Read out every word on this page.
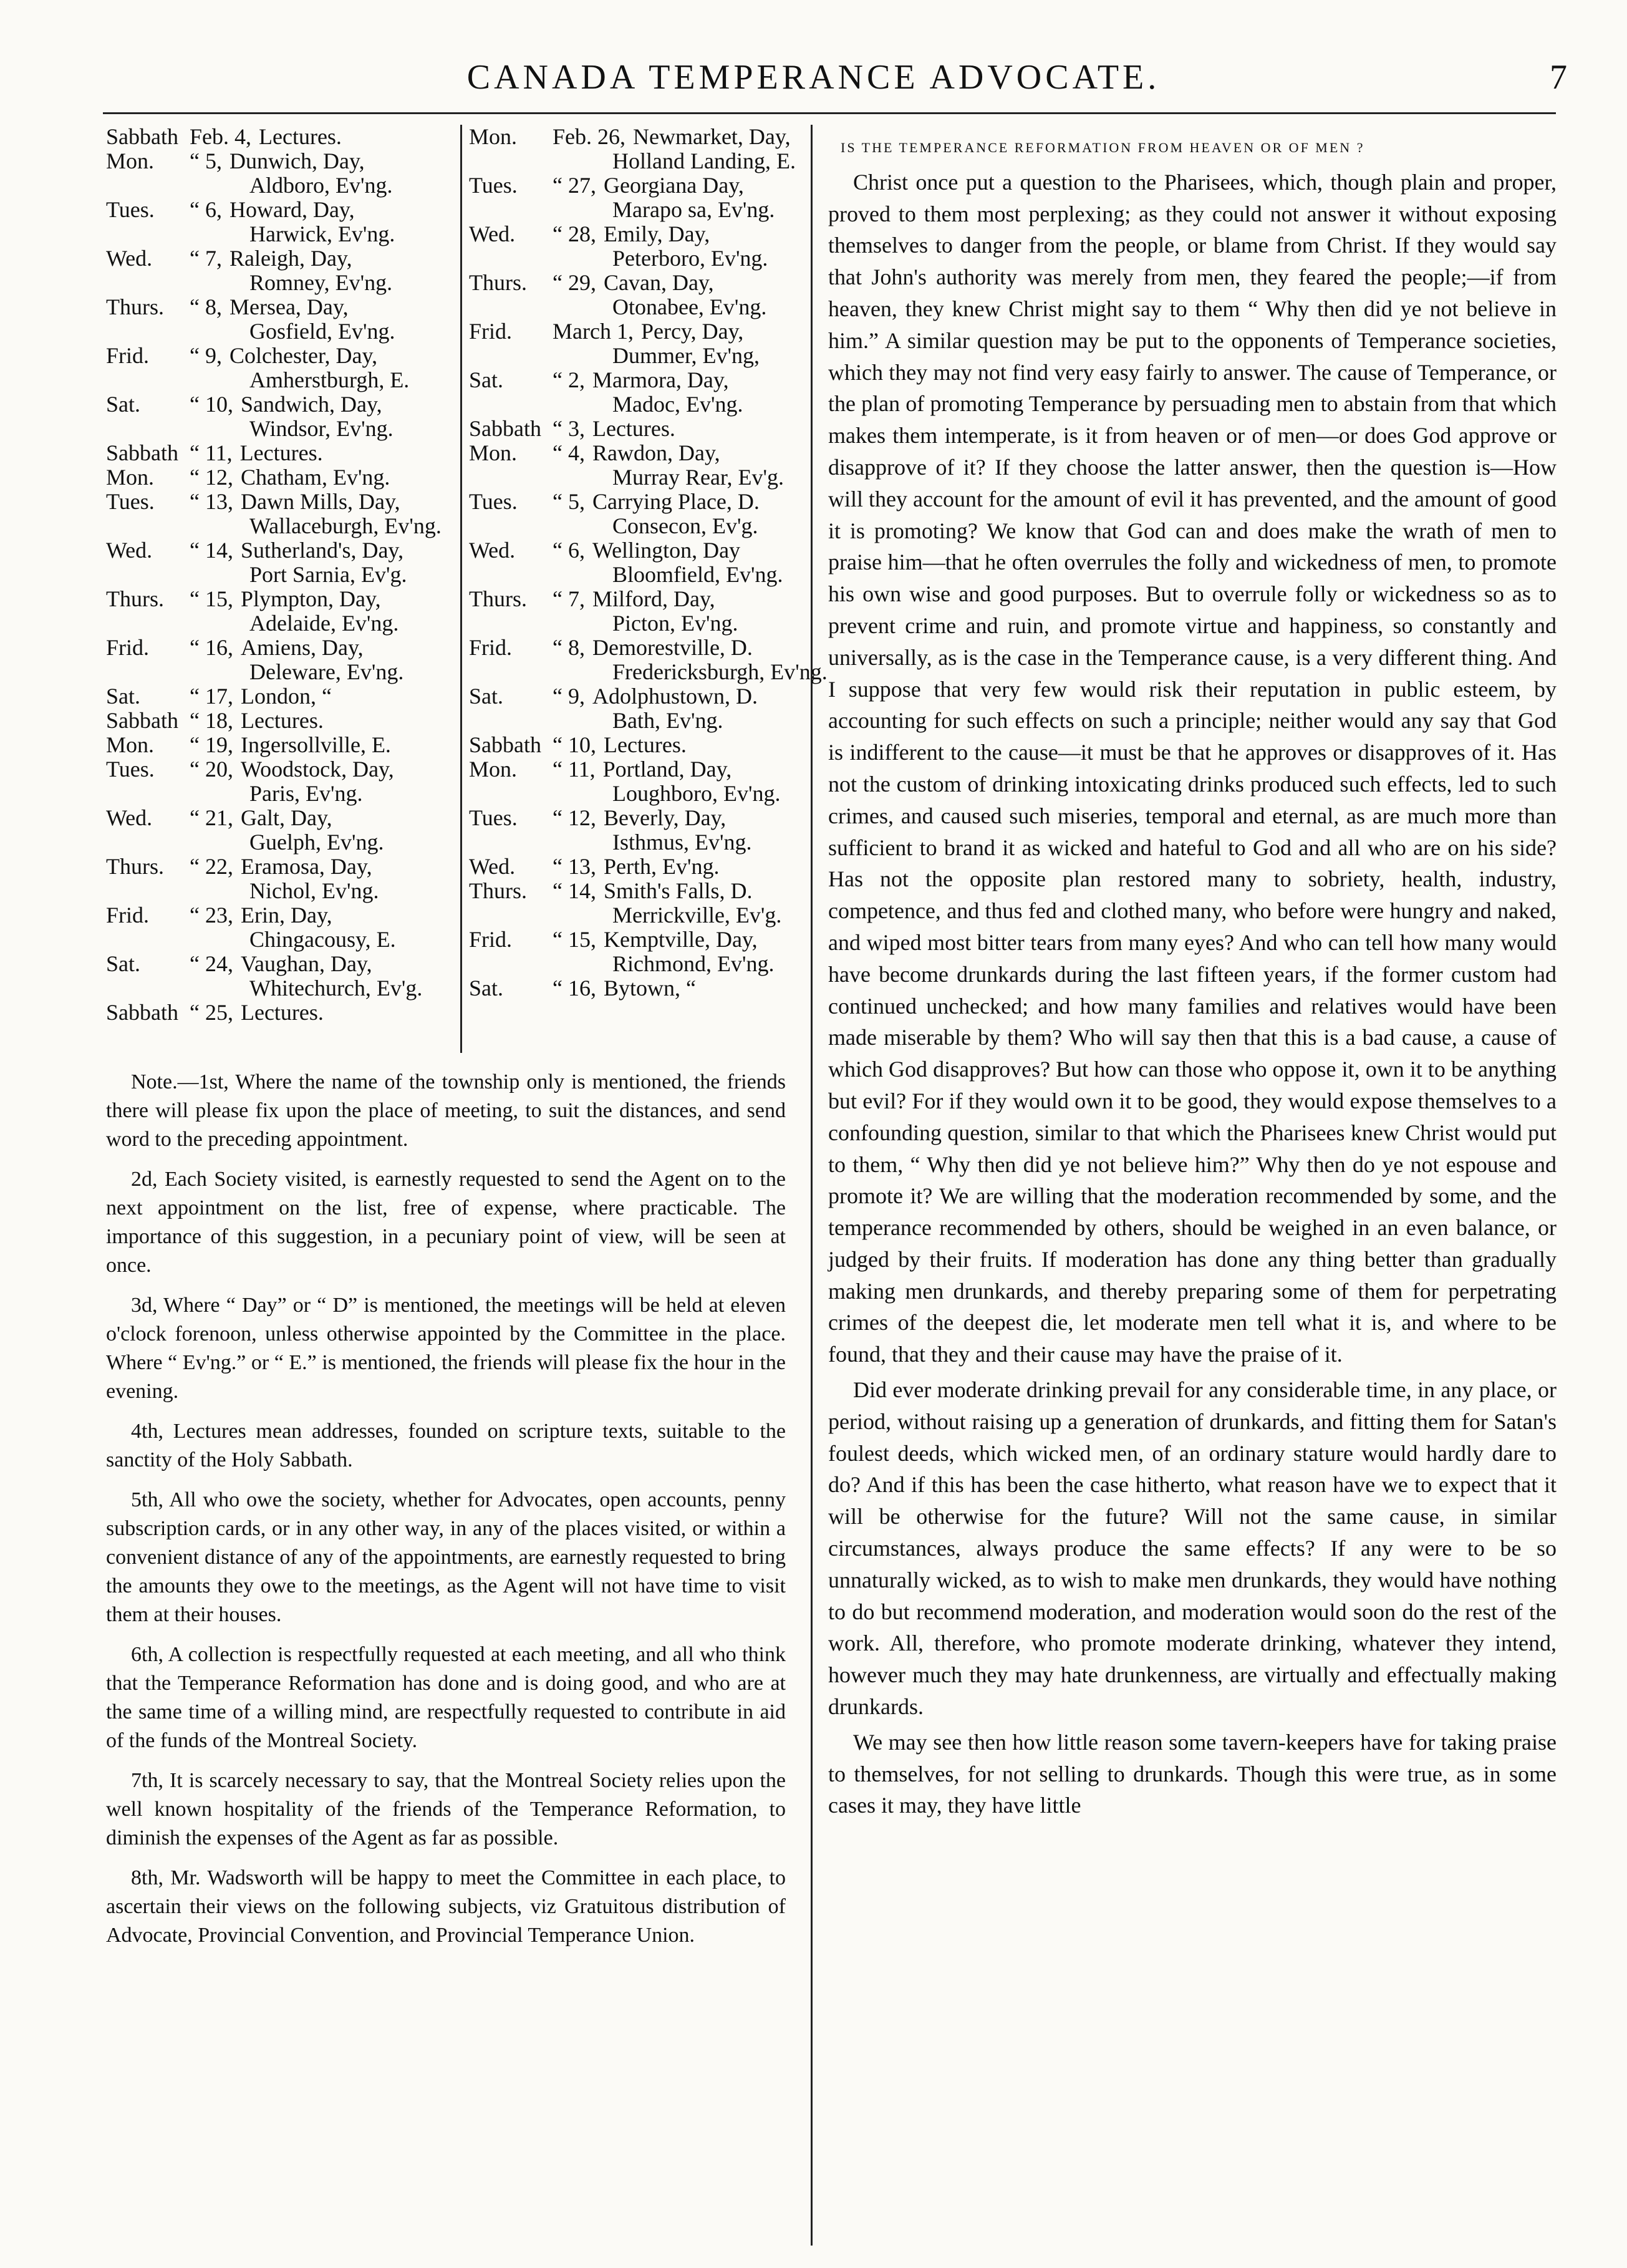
CANADA TEMPERANCE ADVOCATE.	7
Sabbath Feb. 4, Lectures.
Mon.	“ 5, Dunwich, Day,
Aldboro, Ev'ng.
Tues.	“ 6, Howard, Day,
Harwick, Ev'ng.
Wed.	“ 7, Raleigh, Day,
Romney, Ev'ng.
Thurs.	“ 8, Mersea, Day,
Gosfield, Ev'ng.
Frid.	“ 9, Colchester, Day,
Amherstburgh, E.
Sat.	“ 10, Sandwich, Day,
Windsor, Ev'ng.
Sabbath “ 11, Lectures.
Mon.	“ 12, Chatham, Ev'ng.
Tues.	“ 13, Dawn Mills, Day,
Wallaceburgh, Ev'ng.
Wed.	“ 14, Sutherland's, Day,
Port Sarnia, Ev'g.
Thurs.	“ 15, Plympton, Day,
Adelaide, Ev'ng.
Frid.	“ 16, Amiens, Day,
Deleware, Ev'ng.
Sat.	“ 17, London, “
Sabbath “ 18, Lectures.
Mon.	“ 19, Ingersollville, E.
Tues.	“ 20, Woodstock, Day,
Paris, Ev'ng.
Wed.	“ 21, Galt, Day,
Guelph, Ev'ng.
Thurs.	“ 22, Eramosa, Day,
Nichol, Ev'ng.
Frid.	“ 23, Erin, Day,
Chingacousy, E.
Sat.	“ 24, Vaughan, Day,
Whitechurch, Ev'g.
Sabbath “ 25, Lectures.
Mon.	Feb. 26, Newmarket, Day,
Holland Landing, E.
Tues.	“ 27, Georgiana Day,
Marapo sa, Ev'ng.
Wed.	“ 28, Emily, Day,
Peterboro, Ev'ng.
Thurs.	“ 29, Cavan, Day,
Otonabee, Ev'ng.
Frid.	March 1, Percy, Day,
Dummer, Ev'ng,
Sat.	“ 2, Marmora, Day,
Madoc, Ev'ng.
Sabbath “ 3, Lectures.
Mon.	“ 4, Rawdon, Day,
Murray Rear, Ev'g.
Tues.	“ 5, Carrying Place, D.
Consecon, Ev'g.
Wed.	“ 6, Wellington, Day
Bloomfield, Ev'ng.
Thurs.	“ 7, Milford, Day,
Picton, Ev'ng.
Frid.	“ 8, Demorestville, D.
Fredericksburgh, Ev'ng.
Sat.	“ 9, Adolphustown, D.
Bath, Ev'ng.
Sabbath “ 10, Lectures.
Mon.	“ 11, Portland, Day,
Loughboro, Ev'ng.
Tues.	“ 12, Beverly, Day,
Isthmus, Ev'ng.
Wed.	“ 13, Perth, Ev'ng.
Thurs.	“ 14, Smith's Falls, D.
Merrickville, Ev'g.
Frid.	“ 15, Kemptville, Day,
Richmond, Ev'ng.
Sat.	“ 16, Bytown, “

Note.—1st, Where the name of the township only is mentioned, the friends there will please fix upon the place of meeting, to suit the distances, and send word to the preceding appointment.

2d, Each Society visited, is earnestly requested to send the Agent on to the next appointment on the list, free of expense, where practicable. The importance of this suggestion, in a pecuniary point of view, will be seen at once.

3d, Where “ Day” or “ D” is mentioned, the meetings will be held at eleven o'clock forenoon, unless otherwise appointed by the Committee in the place. Where “ Ev'ng.” or “ E.” is mentioned, the friends will please fix the hour in the evening.

4th, Lectures mean addresses, founded on scripture texts, suitable to the sanctity of the Holy Sabbath.

5th, All who owe the society, whether for Advocates, open accounts, penny subscription cards, or in any other way, in any of the places visited, or within a convenient distance of any of the appointments, are earnestly requested to bring the amounts they owe to the meetings, as the Agent will not have time to visit them at their houses.

6th, A collection is respectfully requested at each meeting, and all who think that the Temperance Reformation has done and is doing good, and who are at the same time of a willing mind, are respectfully requested to contribute in aid of the funds of the Montreal Society.

7th, It is scarcely necessary to say, that the Montreal Society relies upon the well known hospitality of the friends of the Temperance Reformation, to diminish the expenses of the Agent as far as possible.

8th, Mr. Wadsworth will be happy to meet the Committee in each place, to ascertain their views on the following subjects, viz Gratuitous distribution of Advocate, Provincial Convention, and Provincial Temperance Union.

IS THE TEMPERANCE REFORMATION FROM HEAVEN OR OF MEN ?

Christ once put a question to the Pharisees, which, though plain and proper, proved to them most perplexing; as they could not answer it without exposing themselves to danger from the people, or blame from Christ. If they would say that John's authority was merely from men, they feared the people;—if from heaven, they knew Christ might say to them “ Why then did ye not believe in him.” A similar question may be put to the opponents of Temperance societies, which they may not find very easy fairly to answer. The cause of Temperance, or the plan of promoting Temperance by persuading men to abstain from that which makes them intemperate, is it from heaven or of men—or does God approve or disapprove of it? If they choose the latter answer, then the question is—How will they account for the amount of evil it has prevented, and the amount of good it is promoting? We know that God can and does make the wrath of men to praise him—that he often overrules the folly and wickedness of men, to promote his own wise and good purposes. But to overrule folly or wickedness so as to prevent crime and ruin, and promote virtue and happiness, so constantly and universally, as is the case in the Temperance cause, is a very different thing. And I suppose that very few would risk their reputation in public esteem, by accounting for such effects on such a principle; neither would any say that God is indifferent to the cause—it must be that he approves or disapproves of it. Has not the custom of drinking intoxicating drinks produced such effects, led to such crimes, and caused such miseries, temporal and eternal, as are much more than sufficient to brand it as wicked and hateful to God and all who are on his side? Has not the opposite plan restored many to sobriety, health, industry, competence, and thus fed and clothed many, who before were hungry and naked, and wiped most bitter tears from many eyes? And who can tell how many would have become drunkards during the last fifteen years, if the former custom had continued unchecked; and how many families and relatives would have been made miserable by them? Who will say then that this is a bad cause, a cause of which God disapproves? But how can those who oppose it, own it to be anything but evil? For if they would own it to be good, they would expose themselves to a confounding question, similar to that which the Pharisees knew Christ would put to them, “ Why then did ye not believe him?” Why then do ye not espouse and promote it? We are willing that the moderation recommended by some, and the temperance recommended by others, should be weighed in an even balance, or judged by their fruits. If moderation has done any thing better than gradually making men drunkards, and thereby preparing some of them for perpetrating crimes of the deepest die, let moderate men tell what it is, and where to be found, that they and their cause may have the praise of it.

Did ever moderate drinking prevail for any considerable time, in any place, or period, without raising up a generation of drunkards, and fitting them for Satan's foulest deeds, which wicked men, of an ordinary stature would hardly dare to do? And if this has been the case hitherto, what reason have we to expect that it will be otherwise for the future? Will not the same cause, in similar circumstances, always produce the same effects? If any were to be so unnaturally wicked, as to wish to make men drunkards, they would have nothing to do but recommend moderation, and moderation would soon do the rest of the work. All, therefore, who promote moderate drinking, whatever they intend, however much they may hate drunkenness, are virtually and effectually making drunkards.

We may see then how little reason some tavern-keepers have for taking praise to themselves, for not selling to drunkards. Though this were true, as in some cases it may, they have little
